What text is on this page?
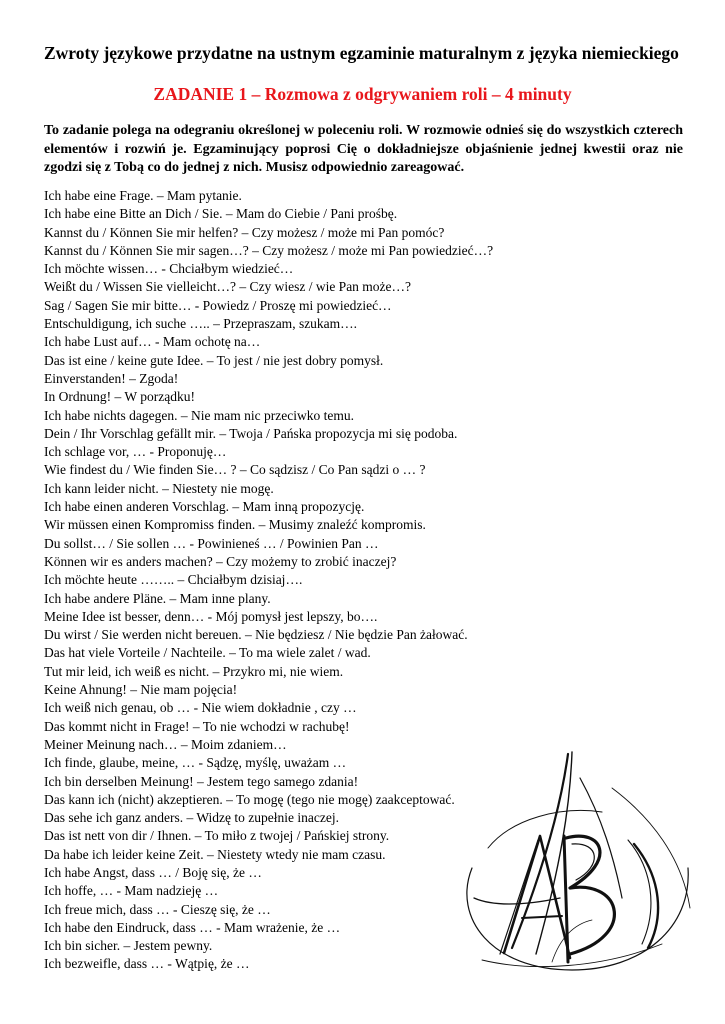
Zwroty językowe przydatne na ustnym egzaminie maturalnym z języka niemieckiego
ZADANIE 1 – Rozmowa z odgrywaniem roli – 4 minuty

To zadanie polega na odegraniu określonej w poleceniu roli. W rozmowie odnieś się do wszystkich czterech elementów i rozwiń je. Egzaminujący poprosi Cię o dokładniejsze objaśnienie jednej kwestii oraz nie zgodzi się z Tobą co do jednej z nich. Musisz odpowiednio zareagować.

Ich habe eine Frage. – Mam pytanie.
Ich habe eine Bitte an Dich / Sie. – Mam do Ciebie / Pani prośbę.
Kannst du / Können Sie mir helfen? – Czy możesz / może mi Pan pomóc?
Kannst du / Können Sie mir sagen…? – Czy możesz / może mi Pan powiedzieć…?
Ich möchte wissen… - Chciałbym wiedzieć…
Weißt du / Wissen Sie vielleicht…? – Czy wiesz / wie Pan może…?
Sag / Sagen Sie mir bitte… - Powiedz / Proszę mi powiedzieć…
Entschuldigung, ich suche ….. – Przepraszam, szukam….
Ich habe Lust auf… - Mam ochotę na…
Das ist eine / keine gute Idee. – To jest / nie jest dobry pomysł.
Einverstanden! – Zgoda!
In Ordnung! – W porządku!
Ich habe nichts dagegen. – Nie mam nic przeciwko temu.
Dein / Ihr Vorschlag gefällt mir. – Twoja / Pańska propozycja mi się podoba.
Ich schlage vor, … - Proponuję…
Wie findest du / Wie finden Sie… ? – Co sądzisz / Co Pan sądzi o … ?
Ich kann leider nicht. – Niestety nie mogę.
Ich habe einen anderen Vorschlag. – Mam inną propozycję.
Wir müssen einen Kompromiss finden. – Musimy znaleźć kompromis.
Du sollst… / Sie sollen … - Powinieneś … / Powinien Pan …
Können wir es anders machen? – Czy możemy to zrobić inaczej?
Ich möchte heute …….. – Chciałbym dzisiaj….
Ich habe andere Pläne. – Mam inne plany.
Meine Idee ist besser, denn… - Mój pomysł jest lepszy, bo….
Du wirst / Sie werden nicht bereuen. – Nie będziesz / Nie będzie Pan żałować.
Das hat viele Vorteile / Nachteile. – To ma wiele zalet / wad.
Tut mir leid, ich weiß es nicht. – Przykro mi, nie wiem.
Keine Ahnung! – Nie mam pojęcia!
Ich weiß nich genau, ob … - Nie wiem dokładnie , czy …
Das kommt nicht in Frage! – To nie wchodzi w rachubę!
Meiner Meinung nach… – Moim zdaniem…
Ich finde, glaube, meine, … - Sądzę, myślę, uważam …
Ich bin derselben Meinung! – Jestem tego samego zdania!
Das kann ich (nicht) akzeptieren. – To mogę (tego nie mogę) zaakceptować.
Das sehe ich ganz anders. – Widzę to zupełnie inaczej.
Das ist nett von dir / Ihnen. – To miło z twojej / Pańskiej strony.
Da habe ich leider keine Zeit. – Niestety wtedy nie mam czasu.
Ich habe Angst, dass … / Boję się, że …
Ich hoffe, … - Mam nadzieję …
Ich freue mich, dass … - Cieszę się, że …
Ich habe den Eindruck, dass … - Mam wrażenie, że …
Ich bin sicher. – Jestem pewny.
Ich bezweifle, dass … - Wątpię, że …
